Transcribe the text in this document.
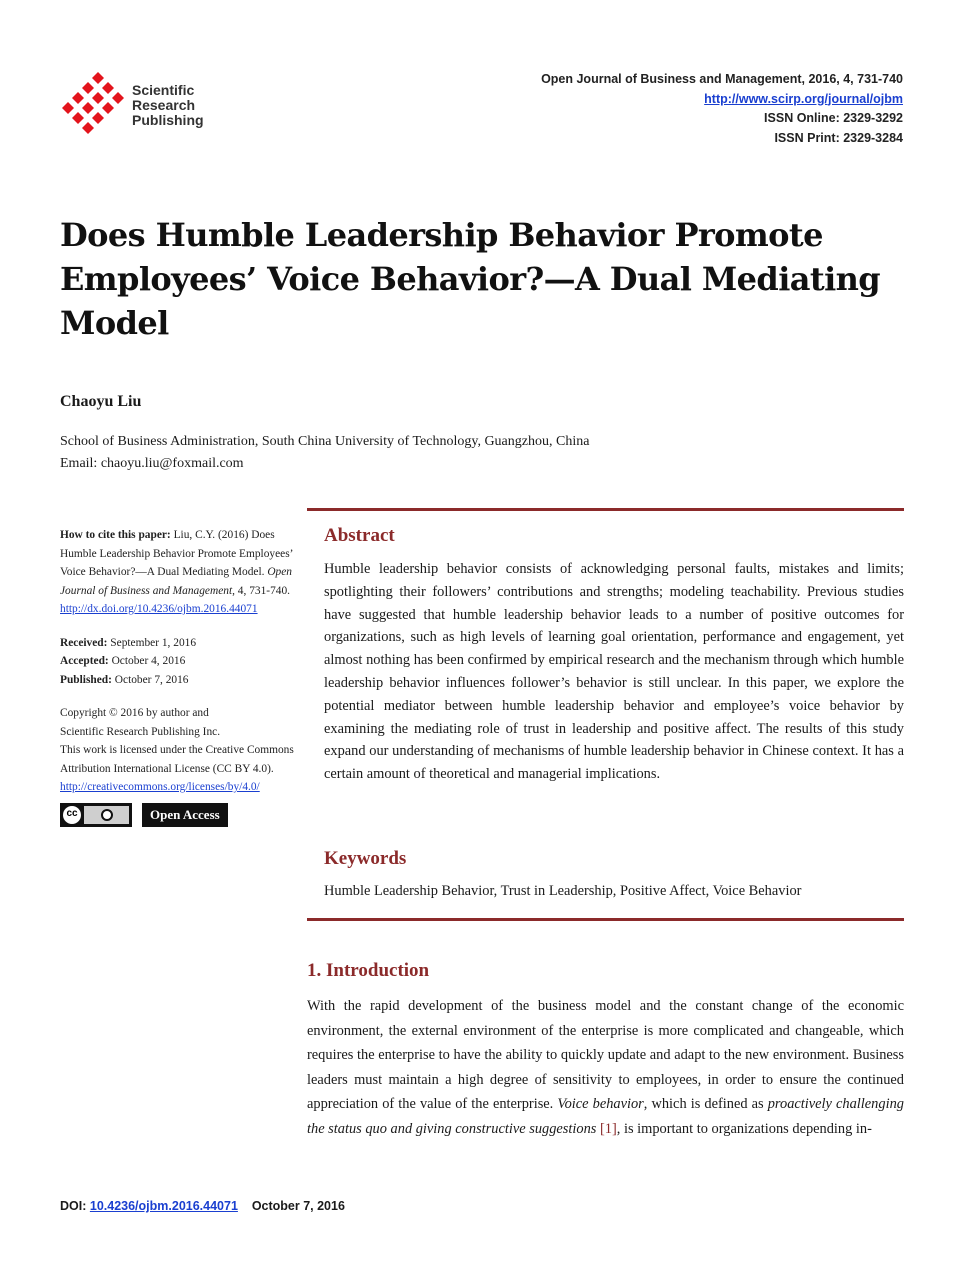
Scientific
Research
Publishing
Open Journal of Business and Management, 2016, 4, 731-740
http://www.scirp.org/journal/ojbm
ISSN Online: 2329-3292
ISSN Print: 2329-3284
Does Humble Leadership Behavior Promote Employees’ Voice Behavior?—A Dual Mediating Model
Chaoyu Liu
School of Business Administration, South China University of Technology, Guangzhou, China
Email: chaoyu.liu@foxmail.com

How to cite this paper: Liu, C.Y. (2016) Does Humble Leadership Behavior Promote Employees’ Voice Behavior?—A Dual Mediating Model. Open Journal of Business and Management, 4, 731-740.
http://dx.doi.org/10.4236/ojbm.2016.44071

Received: September 1, 2016

Accepted: October 4, 2016

Published: October 7, 2016

Copyright © 2016 by author and
Scientific Research Publishing Inc.
This work is licensed under the Creative Commons Attribution International License (CC BY 4.0).
http://creativecommons.org/licenses/by/4.0/

cc	Open Access
Abstract

Humble leadership behavior consists of acknowledging personal faults, mistakes and limits; spotlighting their followers’ contributions and strengths; modeling teachability. Previous studies have suggested that humble leadership behavior leads to a number of positive outcomes for organizations, such as high levels of learning goal orientation, performance and engagement, yet almost nothing has been confirmed by empirical research and the mechanism through which humble leadership behavior influences follower’s behavior is still unclear. In this paper, we explore the potential mediator between humble leadership behavior and employee’s voice behavior by examining the mediating role of trust in leadership and positive affect. The results of this study expand our understanding of mechanisms of humble leadership behavior in Chinese context. It has a certain amount of theoretical and managerial implications.

Keywords
Humble Leadership Behavior, Trust in Leadership, Positive Affect, Voice Behavior
1. Introduction

With the rapid development of the business model and the constant change of the economic environment, the external environment of the enterprise is more complicated and changeable, which requires the enterprise to have the ability to quickly update and adapt to the new environment. Business leaders must maintain a high degree of sensitivity to employees, in order to ensure the continued appreciation of the value of the enterprise. Voice behavior, which is defined as proactively challenging the status quo and giving constructive suggestions [1], is important to organizations depending in-

DOI: 10.4236/ojbm.2016.44071 October 7, 2016
